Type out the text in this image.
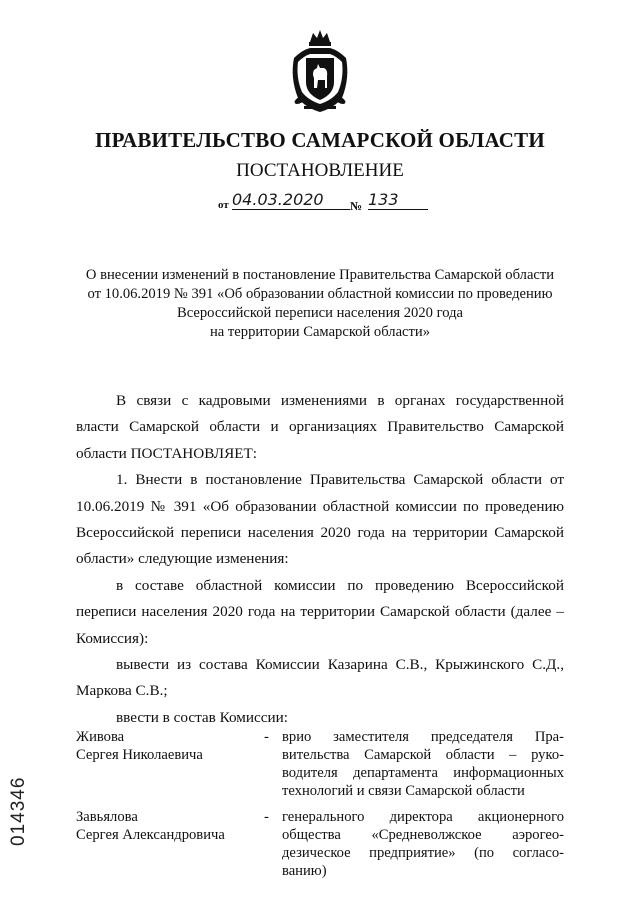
ПРАВИТЕЛЬСТВО САМАРСКОЙ ОБЛАСТИ
ПОСТАНОВЛЕНИЕ
от 04.03.2020	№ 133
О внесении изменений в постановление Правительства Самарской области
от 10.06.2019 № 391 «Об образовании областной комиссии по проведению
Всероссийской переписи населения 2020 года
на территории Самарской области»

В связи с кадровыми изменениями в органах государственной власти Самарской области и организациях Правительство Самарской области ПОСТАНОВЛЯЕТ:

1. Внести в постановление Правительства Самарской области от 10.06.2019 № 391 «Об образовании областной комиссии по проведению Всероссийской переписи населения 2020 года на территории Самарской области» следующие изменения:

в составе областной комиссии по проведению Всероссийской переписи населения 2020 года на территории Самарской области (далее – Комиссия):

вывести из состава Комиссии Казарина С.В., Крыжинского С.Д., Маркова С.В.;

ввести в состав Комиссии:

Живова
Сергея Николаевича
- врио заместителя председателя Пра-
вительства Самарской области – руко-
водителя департамента информационных
технологий и связи Самарской области
Завьялова
Сергея Александровича
- генерального директора акционерного
общества «Средневолжское аэрогео-
дезическое предприятие» (по согласо-
ванию)
014346
